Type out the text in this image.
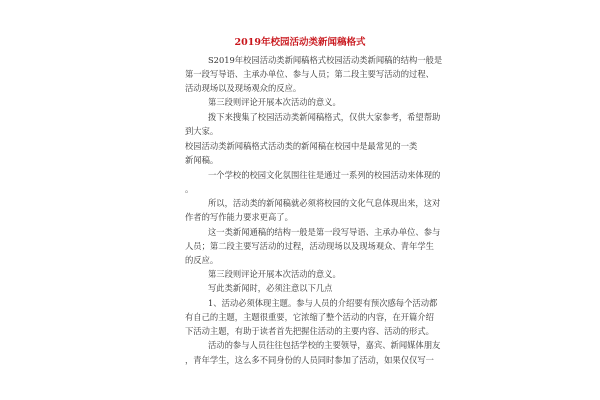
2019年校园活动类新闻稿格式
S2019年校园活动类新闻稿格式校园活动类新闻稿的结构一般是
第一段写导语、主承办单位、参与人员；第二段主要写活动的过程、
活动现场以及现场观众的反应。
第三段则评论开展本次活动的意义。
拨下来搜集了校园活动类新闻稿格式，仅供大家参考，希望帮助
到大家。
校园活动类新闻稿格式活动类的新闻稿在校园中是最常见的一类
新闻稿。
一个学校的校园文化氛围往往是通过一系列的校园活动来体现的
。
所以，活动类的新闻稿就必须将校园的文化气息体现出来，这对
作者的写作能力要求更高了。
这一类新闻通稿的结构一般是第一段写导语、主承办单位、参与
人员；第二段主要写活动的过程，活动现场以及现场观众、青年学生
的反应。
第三段则评论开展本次活动的意义。
写此类新闻时，必须注意以下几点
1、活动必须体现主题。参与人员的介绍要有预次感每个活动都
有自己的主题，主题很重要，它浓缩了整个活动的内容，在开篇介绍
下活动主题，有助于读者首先把握住活动的主要内容、活动的形式。
活动的参与人员往往包括学校的主要领导，嘉宾、新闻媒体朋友
，青年学生，这么多不同身份的人员同时参加了活动，如果仅仅写一
